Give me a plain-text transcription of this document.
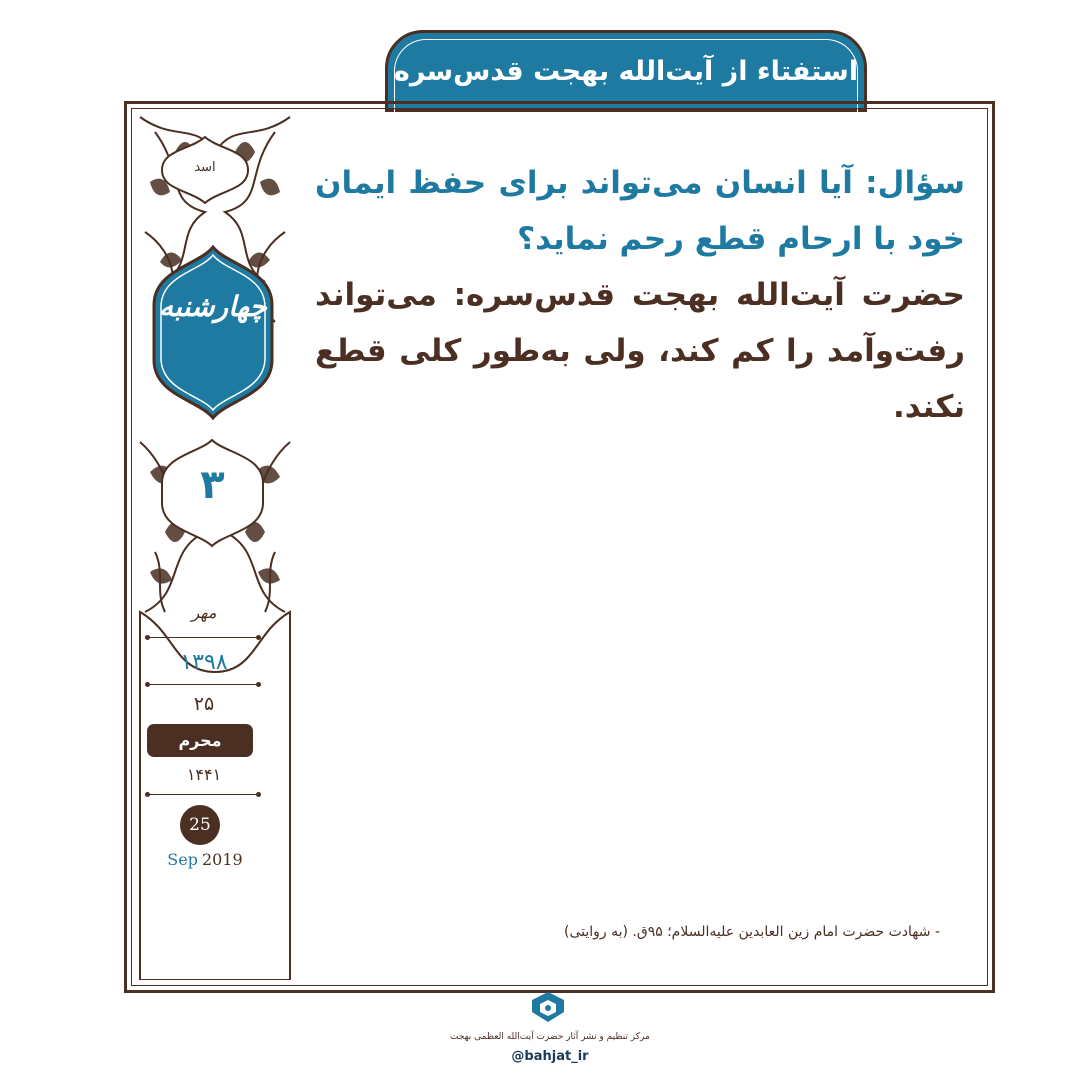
استفتاء از آیت‌الله بهجت قدس‌سره
اسد
چهارشنبه
۳
مهر
۱۳۹۸
۲۵
محرم
۱۴۴۱
25
Sep 2019

سؤال: آیا انسان می‌تواند برای حفظ ایمان خود با ارحام قطع رحم نماید؟

حضرت آیت‌الله بهجت قدس‌سره: می‌تواند رفت‌وآمد را کم کند، ولی به‌طور کلی قطع نکند.

- شهادت حضرت امام زین العابدین علیه‌السلام؛ ۹۵ق. (به روایتی)
مرکز تنظیم و نشر آثار حضرت آیت‌الله العظمی بهجت
@bahjat_ir
